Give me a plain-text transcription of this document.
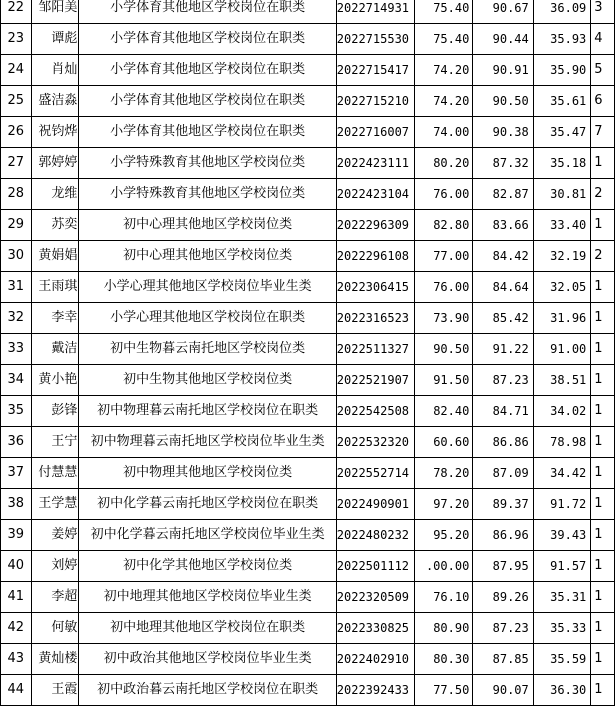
22	邹阳美	小学体育其他地区学校岗位在职类	2022714931	75.40	90.67	36.09	3
23	谭彪	小学体育其他地区学校岗位在职类	2022715530	75.40	90.44	35.93	4
24	肖灿	小学体育其他地区学校岗位在职类	2022715417	74.20	90.91	35.90	5
25	盛洁淼	小学体育其他地区学校岗位在职类	2022715210	74.20	90.50	35.61	6
26	祝钧烨	小学体育其他地区学校岗位在职类	2022716007	74.00	90.38	35.47	7
27	郭婷婷	小学特殊教育其他地区学校岗位类	2022423111	80.20	87.32	35.18	1
28	龙维	小学特殊教育其他地区学校岗位类	2022423104	76.00	82.87	30.81	2
29	苏奕	初中心理其他地区学校岗位类	2022296309	82.80	83.66	33.40	1
30	黄娟娼	初中心理其他地区学校岗位类	2022296108	77.00	84.42	32.19	2
31	王雨琪	小学心理其他地区学校岗位毕业生类	2022306415	76.00	84.64	32.05	1
32	李幸	小学心理其他地区学校岗位在职类	2022316523	73.90	85.42	31.96	1
33	戴洁	初中生物暮云南托地区学校岗位类	2022511327	90.50	91.22	91.00	1
34	黄小艳	初中生物其他地区学校岗位类	2022521907	91.50	87.23	38.51	1
35	彭锋	初中物理暮云南托地区学校岗位在职类	2022542508	82.40	84.71	34.02	1
36	王宁	初中物理暮云南托地区学校岗位毕业生类	2022532320	60.60	86.86	78.98	1
37	付慧慧	初中物理其他地区学校岗位类	2022552714	78.20	87.09	34.42	1
38	王学慧	初中化学暮云南托地区学校岗位在职类	2022490901	97.20	89.37	91.72	1
39	姜婷	初中化学暮云南托地区学校岗位毕业生类	2022480232	95.20	86.96	39.43	1
40	刘婷	初中化学其他地区学校岗位类	2022501112	.00.00	87.95	91.57	1
41	李超	初中地理其他地区学校岗位毕业生类	2022320509	76.10	89.26	35.31	1
42	何敏	初中地理其他地区学校岗位在职类	2022330825	80.90	87.23	35.33	1
43	黄灿楼	初中政治其他地区学校岗位毕业生类	2022402910	80.30	87.85	35.59	1
44	王霞	初中政治暮云南托地区学校岗位在职类	2022392433	77.50	90.07	36.30	1
